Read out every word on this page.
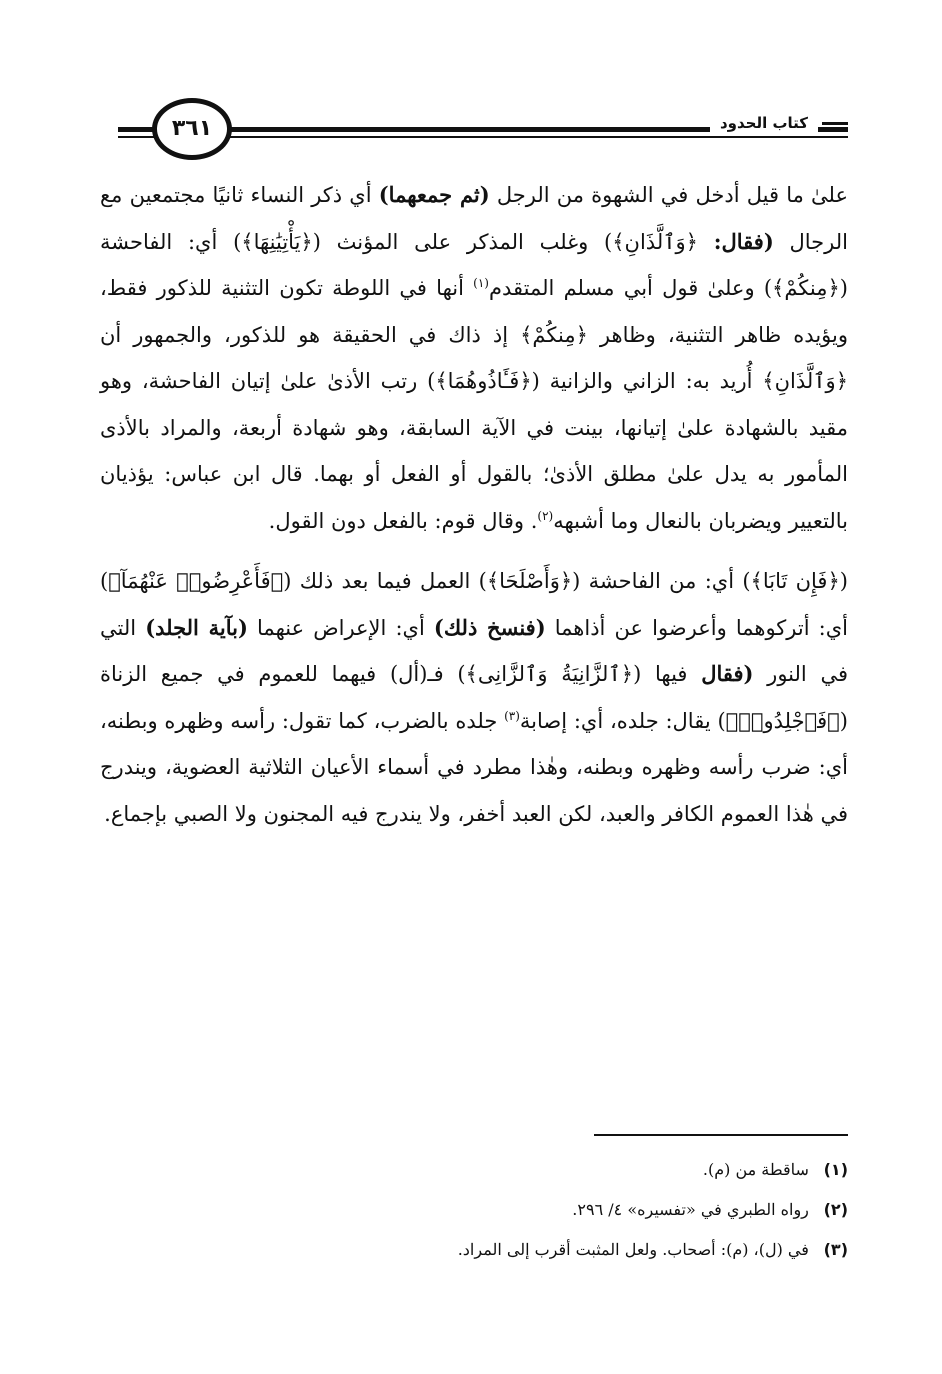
كتاب الحدود
٣٦١

علىٰ ما قيل أدخل في الشهوة من الرجل (ثم جمعهما) أي ذكر النساء ثانيًا مجتمعين مع الرجال (فقال: ﴿وَٱلَّذَانِ﴾) وغلب المذكر على المؤنث (﴿يَأْتِيَٰنِهَا﴾) أي: الفاحشة (﴿مِنكُمْ﴾) وعلىٰ قول أبي مسلم المتقدم$^{(١)}$ أنها في اللوطة تكون التثنية للذكور فقط، ويؤيده ظاهر التثنية، وظاهر ﴿مِنكُمْ﴾ إذ ذاك في الحقيقة هو للذكور، والجمهور أن ﴿وَٱلَّذَانِ﴾ أُريد به: الزاني والزانية (﴿فَـَٔاذُوهُمَا﴾) رتب الأذىٰ علىٰ إتيان الفاحشة، وهو مقيد بالشهادة علىٰ إتيانها، بينت في الآية السابقة، وهو شهادة أربعة، والمراد بالأذى المأمور به يدل علىٰ مطلق الأذىٰ؛ بالقول أو الفعل أو بهما. قال ابن عباس: يؤذيان بالتعيير ويضربان بالنعال وما أشبهه$^{(٢)}$. وقال قوم: بالفعل دون القول.

(﴿فَإِن تَابَا﴾) أي: من الفاحشة (﴿وَأَصْلَحَا﴾) العمل فيما بعد ذلك (﴿فَأَعْرِضُوا۟ عَنْهُمَآ﴾) أي: أتركوهما وأعرضوا عن أذاهما (فنسخ ذلك) أي: الإعراض عنهما (بآية الجلد) التي في النور (فقال فيها (﴿ٱلزَّانِيَةُ وَٱلزَّانِى﴾) فـ(أل) فيهما للعموم في جميع الزناة (﴿فَٱجْلِدُوا۟﴾) يقال: جلده، أي: إصابة$^{(٣)}$ جلده بالضرب، كما تقول: رأسه وظهره وبطنه، أي: ضرب رأسه وظهره وبطنه، وهٰذا مطرد في أسماء الأعيان الثلاثية العضوية، ويندرج في هٰذا العموم الكافر والعبد، لكن العبد أخفر، ولا يندرج فيه المجنون ولا الصبي بإجماع.

(١) ساقطة من (م).

(٢) رواه الطبري في «تفسيره» ٤/ ٢٩٦.

(٣) في (ل)، (م): أصحاب. ولعل المثبت أقرب إلى المراد.
